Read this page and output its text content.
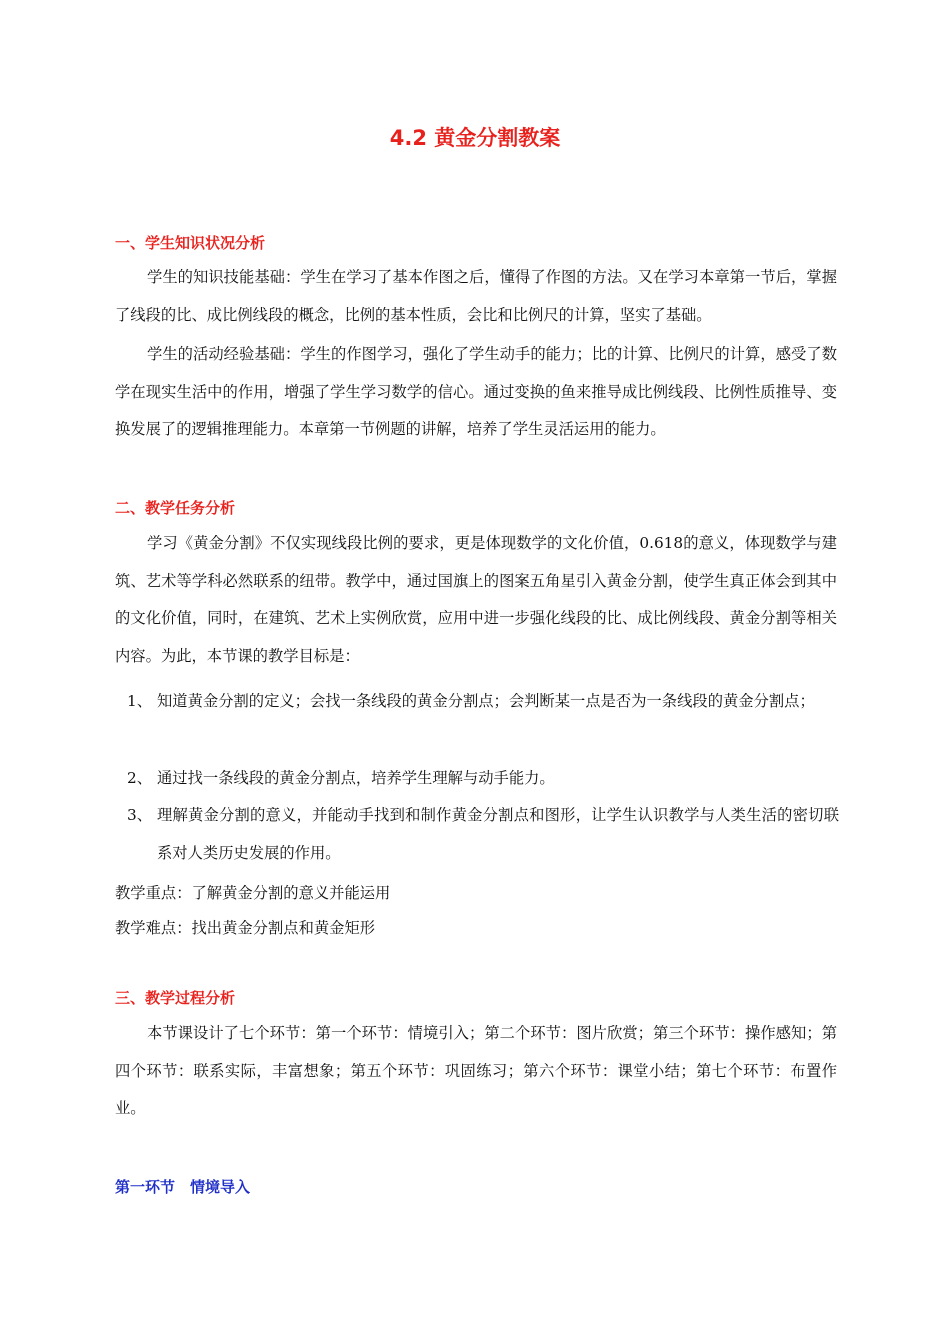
4.2 黄金分割教案
一、学生知识状况分析

学生的知识技能基础：学生在学习了基本作图之后，懂得了作图的方法。又在学习本章第一节后，掌握了线段的比、成比例线段的概念，比例的基本性质，会比和比例尺的计算，坚实了基础。

学生的活动经验基础：学生的作图学习，强化了学生动手的能力；比的计算、比例尺的计算，感受了数学在现实生活中的作用，增强了学生学习数学的信心。通过变换的鱼来推导成比例线段、比例性质推导、变换发展了的逻辑推理能力。本章第一节例题的讲解，培养了学生灵活运用的能力。

二、教学任务分析

学习《黄金分割》不仅实现线段比例的要求，更是体现数学的文化价值，0.618的意义，体现数学与建筑、艺术等学科必然联系的纽带。教学中，通过国旗上的图案五角星引入黄金分割，使学生真正体会到其中的文化价值，同时，在建筑、艺术上实例欣赏，应用中进一步强化线段的比、成比例线段、黄金分割等相关内容。为此，本节课的教学目标是：

1、 知道黄金分割的定义；会找一条线段的黄金分割点；会判断某一点是否为一条线段的黄金分割点；

2、 通过找一条线段的黄金分割点，培养学生理解与动手能力。

3、 理解黄金分割的意义，并能动手找到和制作黄金分割点和图形，让学生认识教学与人类生活的密切联系对人类历史发展的作用。

教学重点：了解黄金分割的意义并能运用
教学难点：找出黄金分割点和黄金矩形
三、教学过程分析

本节课设计了七个环节：第一个环节：情境引入；第二个环节：图片欣赏；第三个环节：操作感知；第四个环节：联系实际，丰富想象；第五个环节：巩固练习；第六个环节：课堂小结；第七个环节：布置作业。

第一环节　情境导入
